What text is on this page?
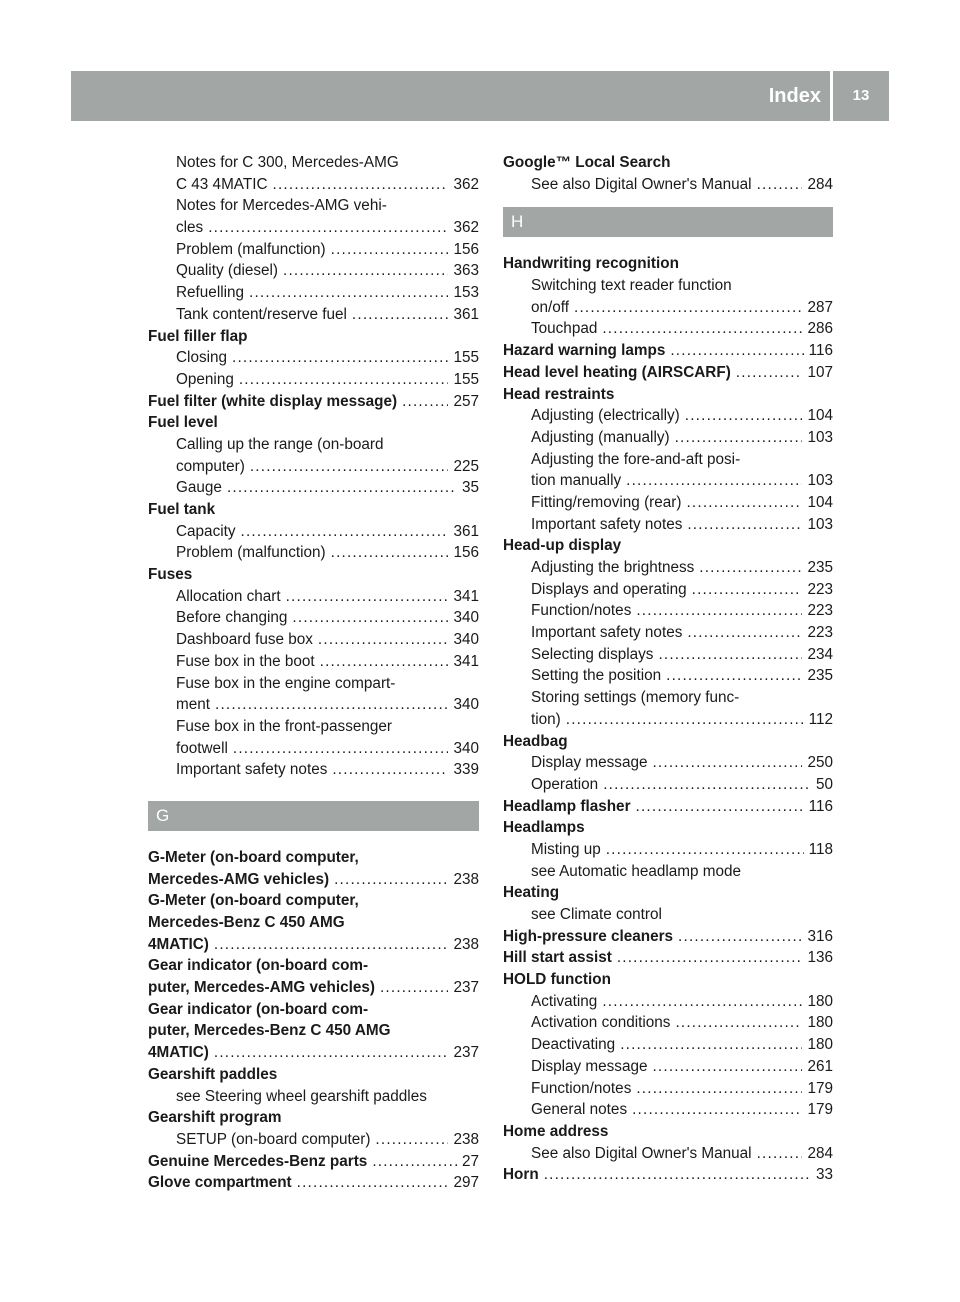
Index	13
Notes for C 300, Mercedes-AMG
C 43 4MATIC .....	362
Notes for Mercedes-AMG vehi-
cles .....	362
Problem (malfunction) .....	156
Quality (diesel) .....	363
Refuelling .....	153
Tank content/reserve fuel .....	361
Fuel filler flap
Closing .....	155
Opening .....	155
Fuel filter (white display message) .....	257
Fuel level
Calling up the range (on-board
computer) .....	225
Gauge .....	35
Fuel tank
Capacity .....	361
Problem (malfunction) .....	156
Fuses
Allocation chart .....	341
Before changing .....	340
Dashboard fuse box .....	340
Fuse box in the boot .....	341
Fuse box in the engine compart-
ment .....	340
Fuse box in the front-passenger
footwell .....	340
Important safety notes .....	339
G
G-Meter (on-board computer,
Mercedes-AMG vehicles) .....	238
G-Meter (on-board computer,
Mercedes-Benz C 450 AMG
4MATIC) .....	238
Gear indicator (on-board com-
puter, Mercedes-AMG vehicles) .....	237
Gear indicator (on-board com-
puter, Mercedes-Benz C 450 AMG
4MATIC) .....	237
Gearshift paddles
see Steering wheel gearshift paddles
Gearshift program
SETUP (on-board computer) .....	238
Genuine Mercedes-Benz parts .....	27
Glove compartment .....	297
Google™ Local Search
See also Digital Owner's Manual .....	284
H
Handwriting recognition
Switching text reader function
on/off .....	287
Touchpad .....	286
Hazard warning lamps .....	116
Head level heating (AIRSCARF) .....	107
Head restraints
Adjusting (electrically) .....	104
Adjusting (manually) .....	103
Adjusting the fore-and-aft posi-
tion manually .....	103
Fitting/removing (rear) .....	104
Important safety notes .....	103
Head-up display
Adjusting the brightness .....	235
Displays and operating .....	223
Function/notes .....	223
Important safety notes .....	223
Selecting displays .....	234
Setting the position .....	235
Storing settings (memory func-
tion) .....	112
Headbag
Display message .....	250
Operation .....	50
Headlamp flasher .....	116
Headlamps
Misting up .....	118
see Automatic headlamp mode
Heating
see Climate control
High-pressure cleaners .....	316
Hill start assist .....	136
HOLD function
Activating .....	180
Activation conditions .....	180
Deactivating .....	180
Display message .....	261
Function/notes .....	179
General notes .....	179
Home address
See also Digital Owner's Manual .....	284
Horn .....	33
